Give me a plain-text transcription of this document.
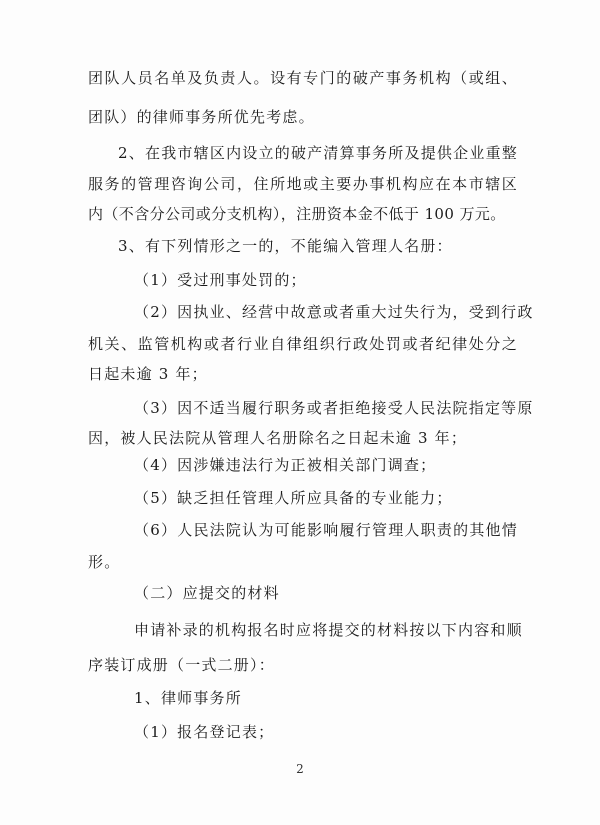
团队人员名单及负责人。设有专门的破产事务机构（或组、
团队）的律师事务所优先考虑。
2、在我市辖区内设立的破产清算事务所及提供企业重整
服务的管理咨询公司，住所地或主要办事机构应在本市辖区
内（不含分公司或分支机构），注册资本金不低于 100 万元。
3、有下列情形之一的，不能编入管理人名册：
（1）受过刑事处罚的；
（2）因执业、经营中故意或者重大过失行为，受到行政
机关、监管机构或者行业自律组织行政处罚或者纪律处分之
日起未逾 3 年；
（3）因不适当履行职务或者拒绝接受人民法院指定等原
因，被人民法院从管理人名册除名之日起未逾 3 年；
（4）因涉嫌违法行为正被相关部门调查；
（5）缺乏担任管理人所应具备的专业能力；
（6）人民法院认为可能影响履行管理人职责的其他情
形。
（二）应提交的材料
申请补录的机构报名时应将提交的材料按以下内容和顺
序装订成册（一式二册）：
1、律师事务所
2
（1）报名登记表；
